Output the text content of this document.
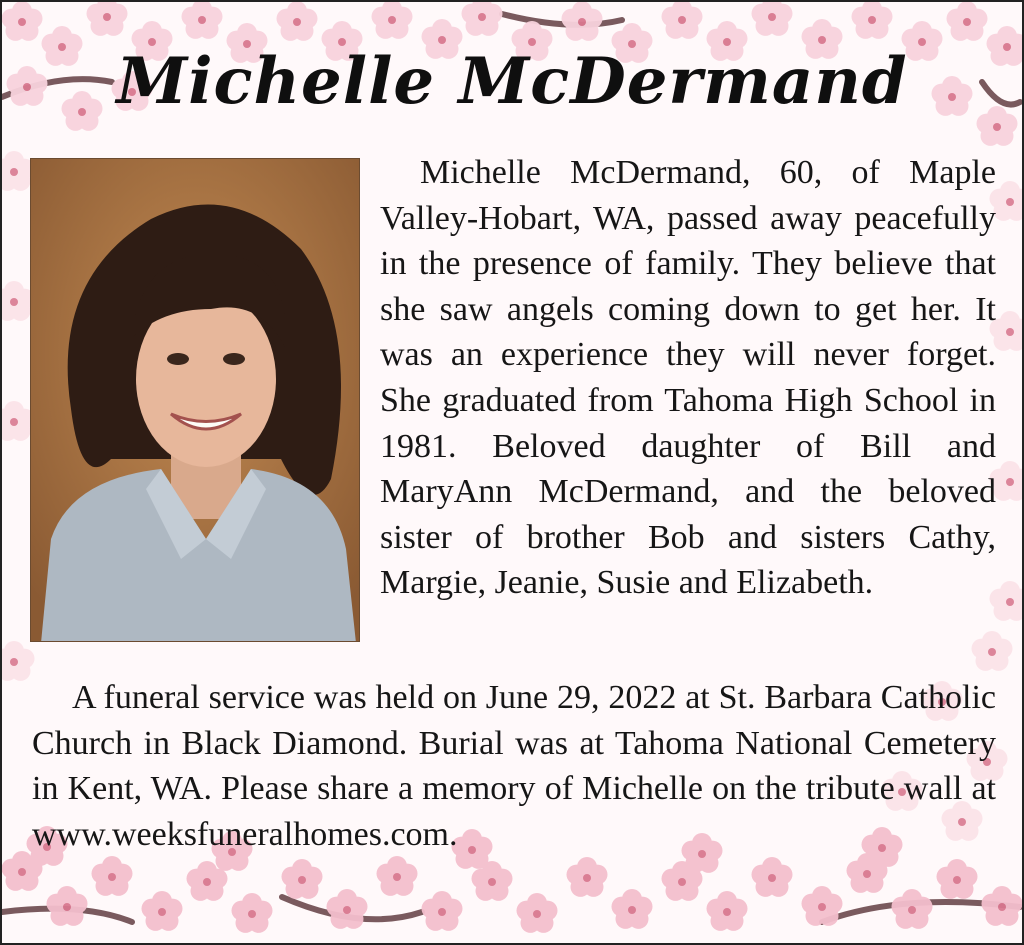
Michelle McDermand

Michelle McDermand, 60, of Maple Valley-Hobart, WA, passed away peacefully in the presence of family. They believe that she saw angels coming down to get her. It was an experience they will never forget. She graduated from Tahoma High School in 1981. Beloved daughter of Bill and MaryAnn McDermand, and the beloved sister of brother Bob and sisters Cathy, Margie, Jeanie, Susie and Elizabeth.

A funeral service was held on June 29, 2022 at St. Barbara Catholic Church in Black Diamond. Burial was at Tahoma National Cemetery in Kent, WA. Please share a memory of Michelle on the tribute wall at www.weeksfuneralhomes.com.
